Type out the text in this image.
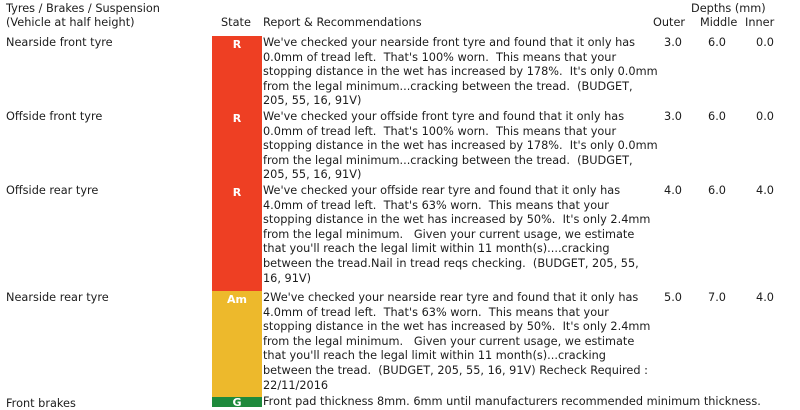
Tyres / Brakes / Suspension
(Vehicle at half height)	State Report & Recommendations
Depths (mm)
Outer Middle Inner
Nearside front tyre	R We've checked your nearside front tyre and found that it only has
0.0mm of tread left.  That's 100% worn.  This means that your
stopping distance in the wet has increased by 178%.  It's only 0.0mm
from the legal minimum...cracking between the tread.  (BUDGET,
205, 55, 16, 91V)
3.0	6.0	0.0
Offside front tyre	R We've checked your offside front tyre and found that it only has
0.0mm of tread left.  That's 100% worn.  This means that your
stopping distance in the wet has increased by 178%.  It's only 0.0mm
from the legal minimum...cracking between the tread.  (BUDGET,
205, 55, 16, 91V)
3.0	6.0	0.0
Offside rear tyre	R We've checked your offside rear tyre and found that it only has
4.0mm of tread left.  That's 63% worn.  This means that your
stopping distance in the wet has increased by 50%.  It's only 2.4mm
from the legal minimum.   Given your current usage, we estimate
that you'll reach the legal limit within 11 month(s)....cracking
between the tread.Nail in tread reqs checking.  (BUDGET, 205, 55,
16, 91V)
4.0	6.0	4.0
Nearside rear tyre	Am 2We've checked your nearside rear tyre and found that it only has
4.0mm of tread left.  That's 63% worn.  This means that your
stopping distance in the wet has increased by 50%.  It's only 2.4mm
from the legal minimum.   Given your current usage, we estimate
that you'll reach the legal limit within 11 month(s)...cracking
between the tread.  (BUDGET, 205, 55, 16, 91V) Recheck Required :
22/11/2016
5.0	7.0	4.0
Front brakes	G Front pad thickness 8mm. 6mm until manufacturers recommended minimum thickness.
